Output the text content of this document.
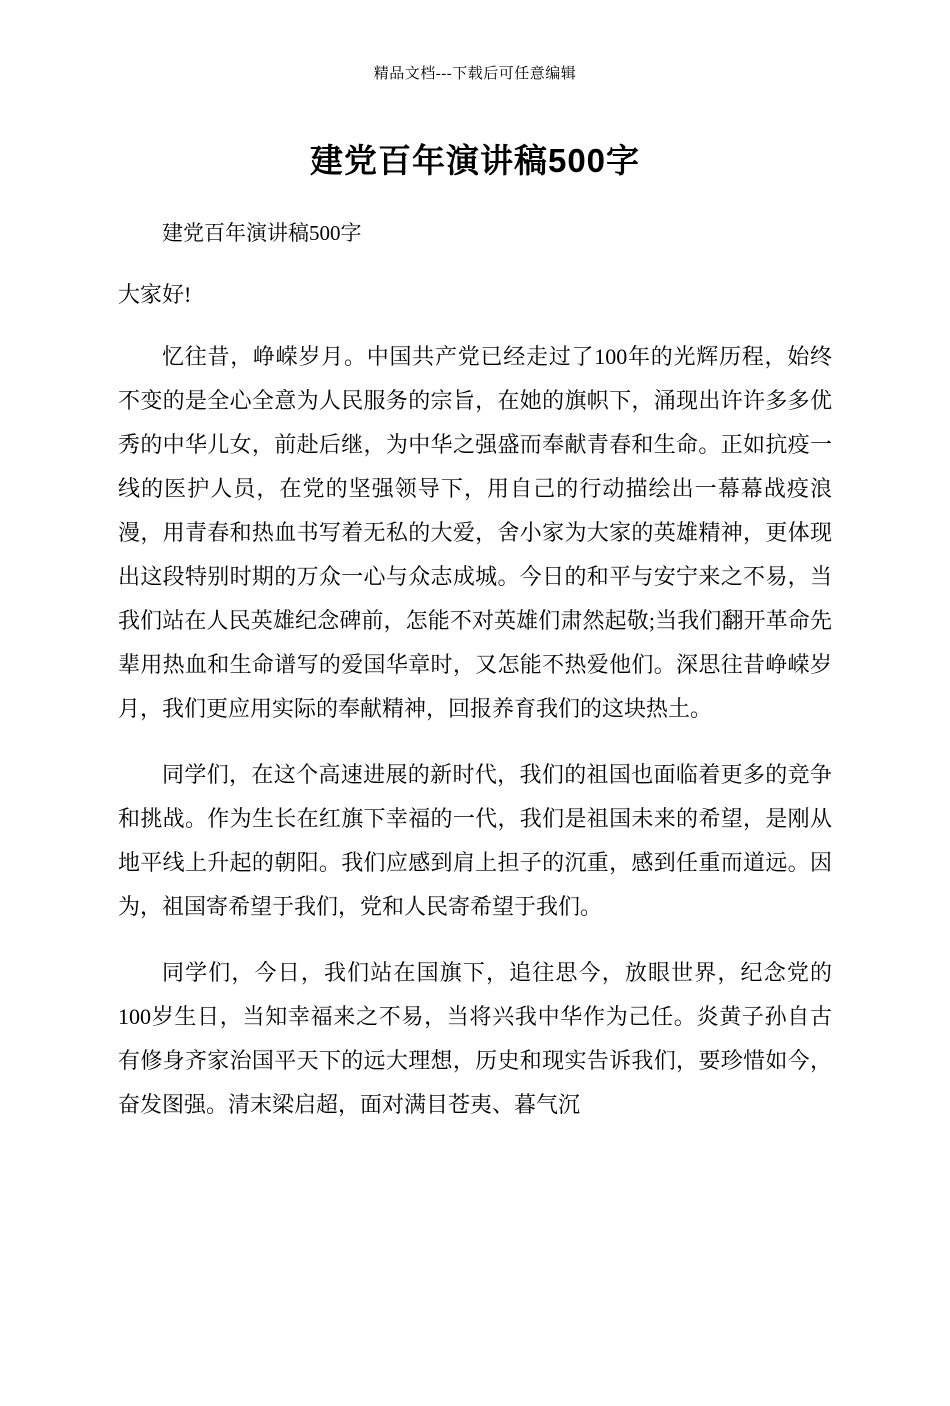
精品文档---下载后可任意编辑
建党百年演讲稿500字
建党百年演讲稿500字
大家好!

忆往昔，峥嵘岁月。中国共产党已经走过了100年的光辉历程，始终不变的是全心全意为人民服务的宗旨，在她的旗帜下，涌现出许许多多优秀的中华儿女，前赴后继，为中华之强盛而奉献青春和生命。正如抗疫一线的医护人员，在党的坚强领导下，用自己的行动描绘出一幕幕战疫浪漫，用青春和热血书写着无私的大爱，舍小家为大家的英雄精神，更体现出这段特别时期的万众一心与众志成城。今日的和平与安宁来之不易，当我们站在人民英雄纪念碑前，怎能不对英雄们肃然起敬;当我们翻开革命先辈用热血和生命谱写的爱国华章时，又怎能不热爱他们。深思往昔峥嵘岁月，我们更应用实际的奉献精神，回报养育我们的这块热土。

同学们，在这个高速进展的新时代，我们的祖国也面临着更多的竞争和挑战。作为生长在红旗下幸福的一代，我们是祖国未来的希望，是刚从地平线上升起的朝阳。我们应感到肩上担子的沉重，感到任重而道远。因为，祖国寄希望于我们，党和人民寄希望于我们。

同学们，今日，我们站在国旗下，追往思今，放眼世界，纪念党的100岁生日，当知幸福来之不易，当将兴我中华作为己任。炎黄子孙自古有修身齐家治国平天下的远大理想，历史和现实告诉我们，要珍惜如今，奋发图强。清末梁启超，面对满目苍夷、暮气沉
